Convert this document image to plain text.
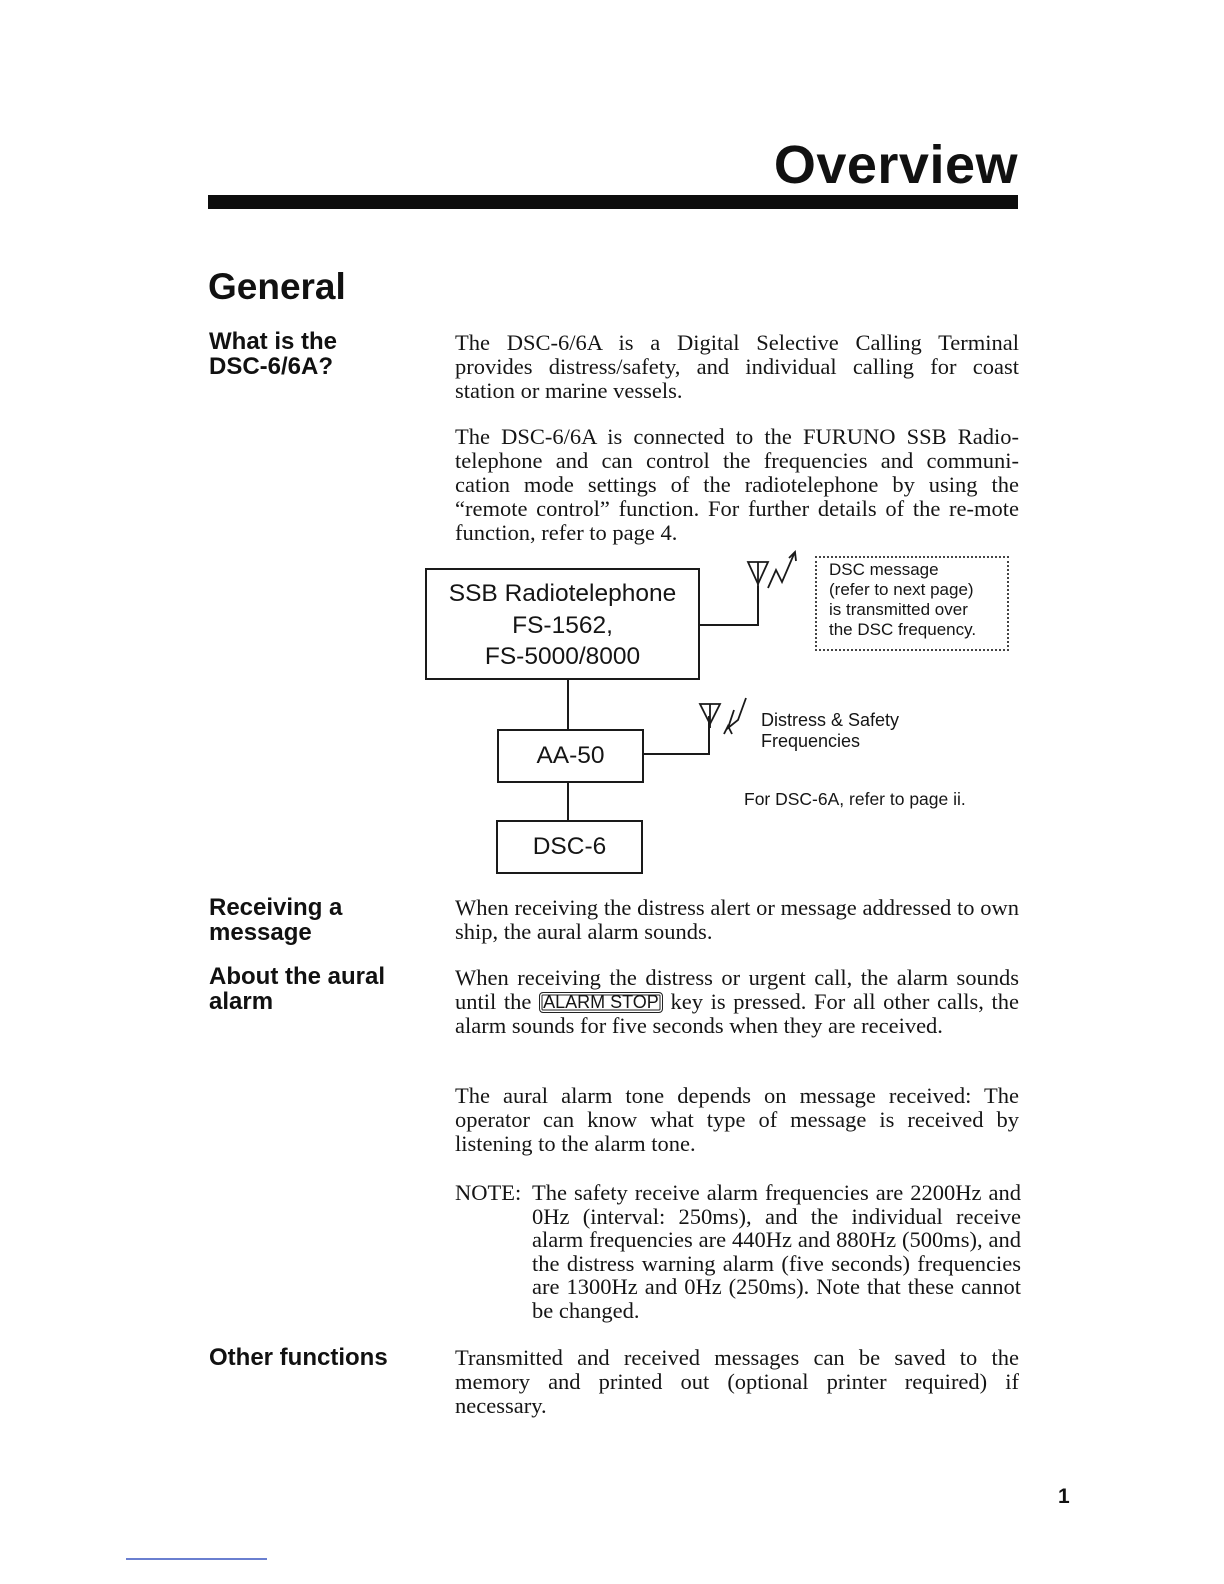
Overview
General
What is the
DSC-6/6A?

The DSC-6/6A is a Digital Selective Calling Terminal provides distress/safety, and individual calling for coast station or marine vessels.

The DSC-6/6A is connected to the FURUNO SSB Radio-telephone and can control the frequencies and communi-cation mode settings of the radiotelephone by using the “remote control” function. For further details of the re-mote function, refer to page 4.

SSB Radiotelephone
FS-1562,
FS-5000/8000
DSC message
(refer to next page)
is transmitted over
the DSC frequency.
AA-50
Distress & Safety
Frequencies
For DSC-6A, refer to page ii.
DSC-6
Receiving a
message

When receiving the distress alert or message addressed to own ship, the aural alarm sounds.

About the aural
alarm

When receiving the distress or urgent call, the alarm sounds until the ALARM STOP key is pressed. For all other calls, the alarm sounds for five seconds when they are received.

The aural alarm tone depends on message received: The operator can know what type of message is received by listening to the alarm tone.

NOTE: The safety receive alarm frequencies are 2200Hz and 0Hz (interval: 250ms), and the individual receive alarm frequencies are 440Hz and 880Hz (500ms), and the distress warning alarm (five seconds) frequencies are 1300Hz and 0Hz (250ms). Note that these cannot be changed.
Other functions	Transmitted and received messages can be saved to the memory and printed out (optional printer required) if necessary.

1
